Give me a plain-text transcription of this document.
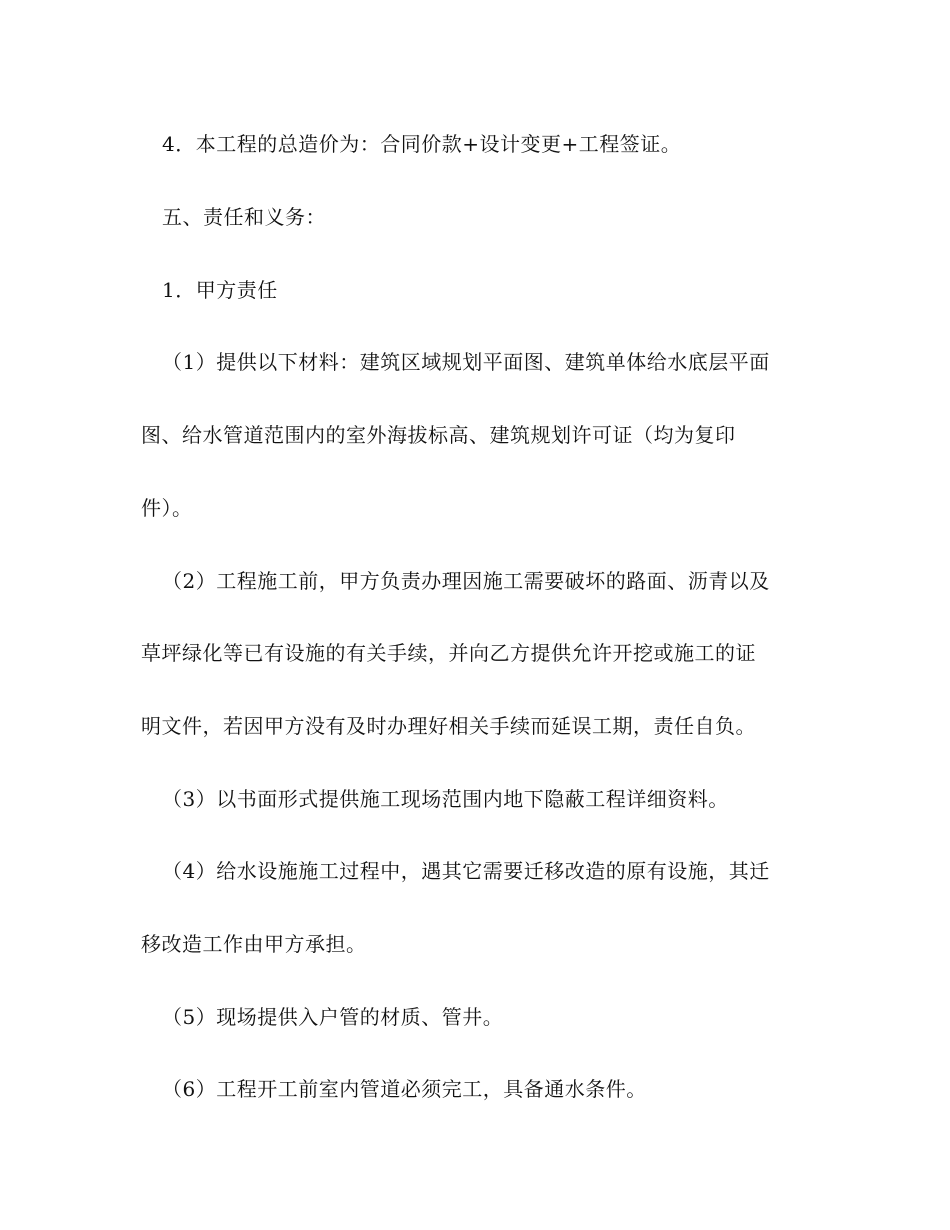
4．本工程的总造价为：合同价款+设计变更+工程签证。
五、责任和义务：
1．甲方责任
（1）提供以下材料：建筑区域规划平面图、建筑单体给水底层平面
图、给水管道范围内的室外海拔标高、建筑规划许可证（均为复印
件）。
（2）工程施工前，甲方负责办理因施工需要破坏的路面、沥青以及
草坪绿化等已有设施的有关手续，并向乙方提供允许开挖或施工的证
明文件，若因甲方没有及时办理好相关手续而延误工期，责任自负。
（3）以书面形式提供施工现场范围内地下隐蔽工程详细资料。
（4）给水设施施工过程中，遇其它需要迁移改造的原有设施，其迁
移改造工作由甲方承担。
（5）现场提供入户管的材质、管井。
（6）工程开工前室内管道必须完工，具备通水条件。
